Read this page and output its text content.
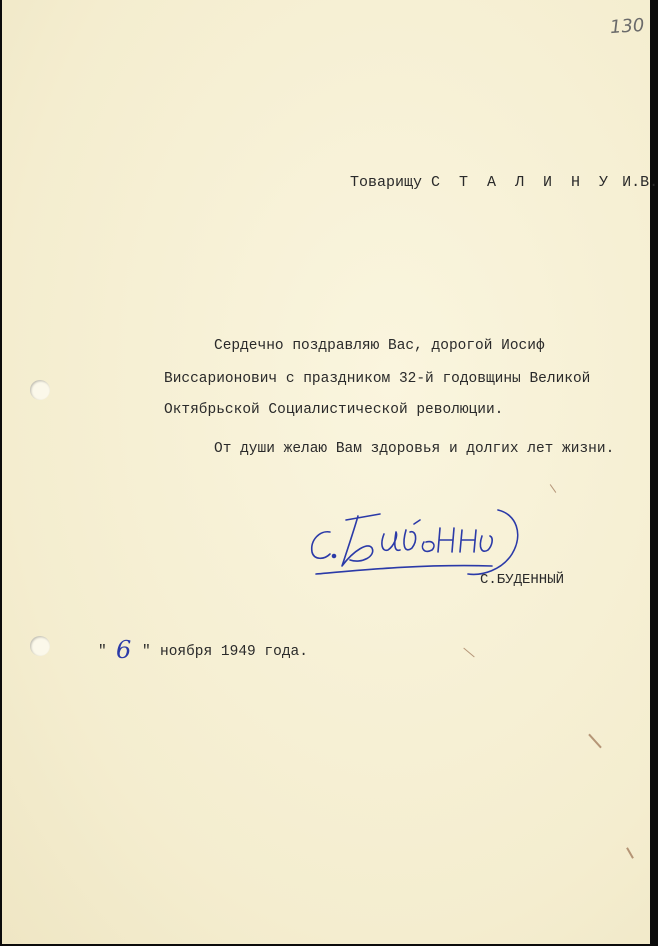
130
Товарищу С Т А Л И Н У И.В.
Сердечно поздравляю Вас, дорогой Иосиф
Виссарионович с праздником 32-й годовщины Великой
Октябрьской Социалистической революции.
От души желаю Вам здоровья и долгих лет жизни.
С.БУДЕННЫЙ
" 6 " ноября 1949 года.
